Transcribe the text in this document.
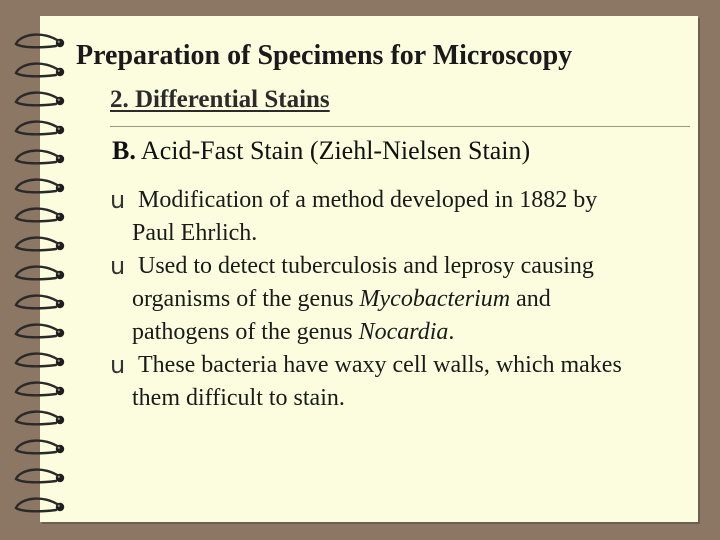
Preparation of Specimens for Microscopy
2. Differential Stains
B. Acid-Fast Stain (Ziehl-Nielsen Stain)
u Modification of a method developed in 1882 by
Paul Ehrlich.
u Used to detect tuberculosis and leprosy causing
organisms of the genus Mycobacterium and
pathogens of the genus Nocardia.
u These bacteria have waxy cell walls, which makes
them difficult to stain.
